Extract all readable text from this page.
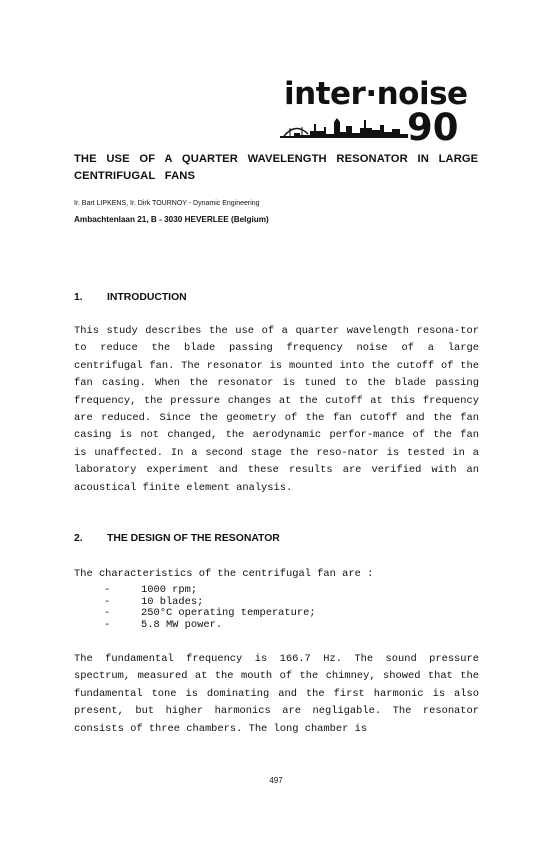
inter·noise
90
THE USE OF A QUARTER WAVELENGTH RESONATOR IN LARGE CENTRIFUGAL FANS
Ir. Bart LIPKENS, Ir. Dirk TOURNOY - Dynamic Engineering
Ambachtenlaan 21, B - 3030 HEVERLEE (Belgium)
1. INTRODUCTION

This study describes the use of a quarter wavelength resona-tor to reduce the blade passing frequency noise of a large centrifugal fan. The resonator is mounted into the cutoff of the fan casing. When the resonator is tuned to the blade passing frequency, the pressure changes at the cutoff at this frequency are reduced. Since the geometry of the fan cutoff and the fan casing is not changed, the aerodynamic perfor-mance of the fan is unaffected. In a second stage the reso-nator is tested in a laboratory experiment and these results are verified with an acoustical finite element analysis.

2. THE DESIGN OF THE RESONATOR
The characteristics of the centrifugal fan are :
-	1000 rpm;
-	10 blades;
-	250°C operating temperature;
-	5.8 MW power.

The fundamental frequency is 166.7 Hz. The sound pressure spectrum, measured at the mouth of the chimney, showed that the fundamental tone is dominating and the first harmonic is also present, but higher harmonics are negligable. The resonator consists of three chambers. The long chamber is

497
